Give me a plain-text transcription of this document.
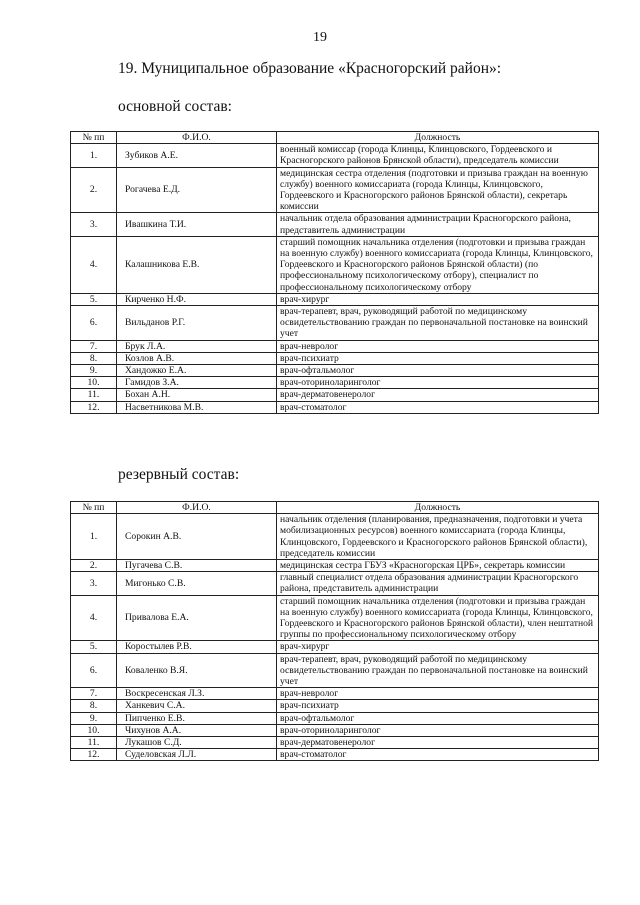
19
19. Муниципальное образование «Красногорский район»:
основной состав:
№ пп	Ф.И.О.	Должность
1.	Зубиков А.Е.	военный комиссар (города Клинцы, Клинцовского, Гордеевского и Красногорского районов Брянской области), председатель комиссии
2.	Рогачева Е.Д.	медицинская сестра отделения (подготовки и призыва граждан на военную службу) военного комиссариата (города Клинцы, Клинцовского, Гордеевского и Красногорского районов Брянской области), секретарь комиссии
3.	Ивашкина Т.И.	начальник отдела образования администрации Красногорского района, представитель администрации
4.	Калашникова Е.В.	старший помощник начальника отделения (подготовки и призыва граждан на военную службу) военного комиссариата (города Клинцы, Клинцовского, Гордеевского и Красногорского районов Брянской области) (по профессиональному психологическому отбору), специалист по профессиональному психологическому отбору
5.	Кирченко Н.Ф.	врач-хирург
6.	Вильданов Р.Г.	врач-терапевт, врач, руководящий работой по медицинскому освидетельствованию граждан по первоначальной постановке на воинский учет
7.	Брук Л.А.	врач-невролог
8.	Козлов А.В.	врач-психиатр
9.	Хандожко Е.А.	врач-офтальмолог
10.	Гамидов З.А.	врач-оториноларинголог
11.	Бохан А.Н.	врач-дерматовенеролог
12.	Насветникова М.В.	врач-стоматолог
резервный состав:
№ пп	Ф.И.О.	Должность
1.	Сорокин А.В.	начальник отделения (планирования, предназначения, подготовки и учета мобилизационных ресурсов) военного комиссариата (города Клинцы, Клинцовского, Гордеевского и Красногорского районов Брянской области), председатель комиссии
2.	Пугачева С.В.	медицинская сестра ГБУЗ «Красногорская ЦРБ», секретарь комиссии
3.	Мигонько С.В.	главный специалист отдела образования администрации Красногорского района, представитель администрации
4.	Привалова Е.А.	старший помощник начальника отделения (подготовки и призыва граждан на военную службу) военного комиссариата (города Клинцы, Клинцовского, Гордеевского и Красногорского районов Брянской области), член нештатной группы по профессиональному психологическому отбору
5.	Коростылев Р.В.	врач-хирург
6.	Коваленко В.Я.	врач-терапевт, врач, руководящий работой по медицинскому освидетельствованию граждан по первоначальной постановке на воинский учет
7.	Воскресенская Л.З.	врач-невролог
8.	Ханкевич С.А.	врач-психиатр
9.	Пипченко Е.В.	врач-офтальмолог
10.	Чихунов А.А.	врач-оториноларинголог
11.	Лукашов С.Д.	врач-дерматовенеролог
12.	Суделовская Л.Л.	врач-стоматолог
